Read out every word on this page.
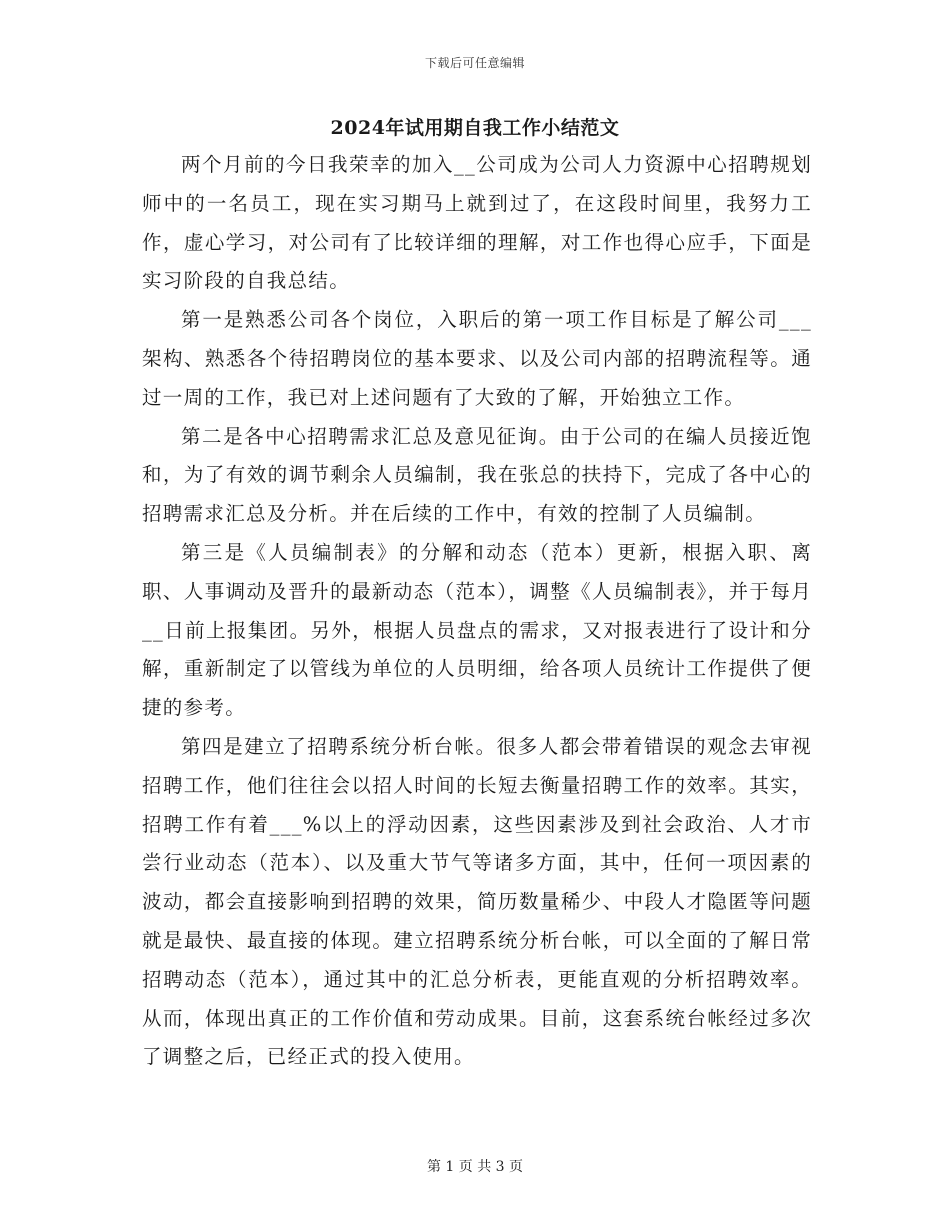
下载后可任意编辑
2024年试用期自我工作小结范文

两个月前的今日我荣幸的加入__公司成为公司人力资源中心招聘规划师中的一名员工，现在实习期马上就到过了，在这段时间里，我努力工作，虚心学习，对公司有了比较详细的理解，对工作也得心应手，下面是实习阶段的自我总结。

第一是熟悉公司各个岗位，入职后的第一项工作目标是了解公司___架构、熟悉各个待招聘岗位的基本要求、以及公司内部的招聘流程等。通过一周的工作，我已对上述问题有了大致的了解，开始独立工作。

第二是各中心招聘需求汇总及意见征询。由于公司的在编人员接近饱和，为了有效的调节剩余人员编制，我在张总的扶持下，完成了各中心的招聘需求汇总及分析。并在后续的工作中，有效的控制了人员编制。

第三是《人员编制表》的分解和动态（范本）更新，根据入职、离职、人事调动及晋升的最新动态（范本），调整《人员编制表》，并于每月__日前上报集团。另外，根据人员盘点的需求，又对报表进行了设计和分解，重新制定了以管线为单位的人员明细，给各项人员统计工作提供了便捷的参考。

第四是建立了招聘系统分析台帐。很多人都会带着错误的观念去审视招聘工作，他们往往会以招人时间的长短去衡量招聘工作的效率。其实，招聘工作有着___%以上的浮动因素，这些因素涉及到社会政治、人才市尝行业动态（范本）、以及重大节气等诸多方面，其中，任何一项因素的波动，都会直接影响到招聘的效果，简历数量稀少、中段人才隐匿等问题就是最快、最直接的体现。建立招聘系统分析台帐，可以全面的了解日常招聘动态（范本），通过其中的汇总分析表，更能直观的分析招聘效率。从而，体现出真正的工作价值和劳动成果。目前，这套系统台帐经过多次了调整之后，已经正式的投入使用。

第 1 页 共 3 页
